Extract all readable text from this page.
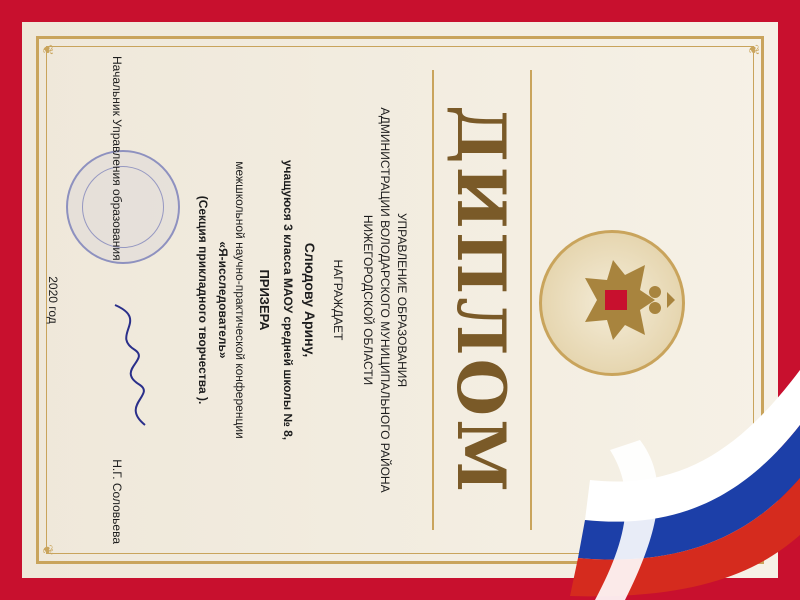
❦
❦
❦
ДИПЛОМ
УПРАВЛЕНИЕ ОБРАЗОВАНИЯ
АДМИНИСТРАЦИИ ВОЛОДАРСКОГО МУНИЦИПАЛЬНОГО РАЙОНА
НИЖЕГОРОДСКОЙ ОБЛАСТИ
НАГРАЖДАЕТ
Слюдову Арину,
учащуюся 3 класса МАОУ средней школы № 8,
ПРИЗЕРА
межшкольной научно-практической конференции
«Я-исследователь»
(Секция прикладного творчества ).
Начальник Управления образования
Н.Г. Соловьева
2020 год
